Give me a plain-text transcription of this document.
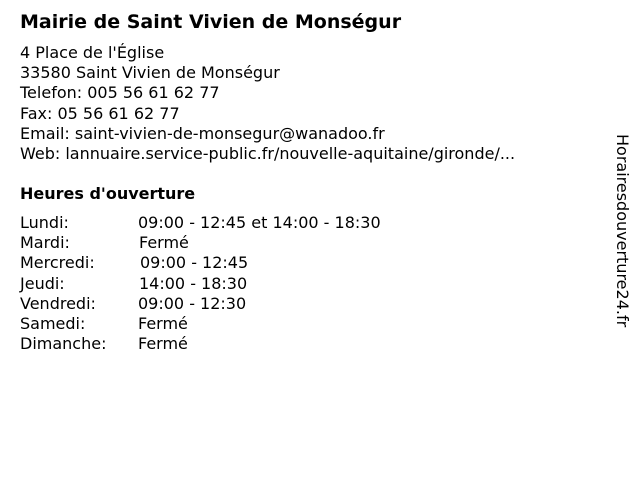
Mairie de Saint Vivien de Monségur
4 Place de l'Église
33580 Saint Vivien de Monségur
Telefon: 005 56 61 62 77
Fax: 05 56 61 62 77
Email: saint-vivien-de-monsegur@wanadoo.fr
Web: lannuaire.service-public.fr/nouvelle-aquitaine/gironde/...
Heures d'ouverture
Lundi:	09:00 - 12:45 et 14:00 - 18:30
Mardi:	Fermé
Mercredi:	09:00 - 12:45
Jeudi:	14:00 - 18:30
Vendredi:	09:00 - 12:30
Samedi:	Fermé
Dimanche: Fermé
Horairesdouverture24.fr
